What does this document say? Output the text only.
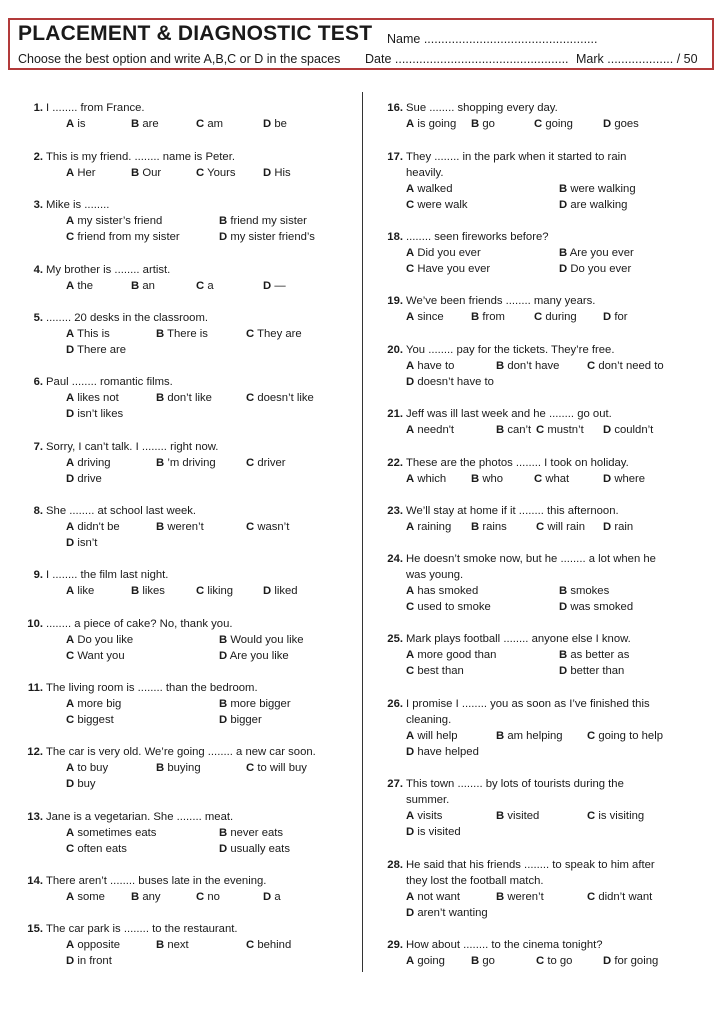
PLACEMENT & DIAGNOSTIC TEST Name ..................................................
Choose the best option and write A,B,C or D in the spaces Date .................................................. Mark ................... / 50
1. I ........ from France.
A is	B are	C am	D be
2. This is my friend. ........ name is Peter.
A Her	B Our	C Yours D His
3. Mike is ........
A my sister’s friend	B friend my sister
C friend from my sister	D my sister friend’s
4. My brother is ........ artist.
A the	B an	C a	D —
5. ........ 20 desks in the classroom.
A This is	B There is	C They are
D There are
6. Paul ........ romantic films.
A likes not	B don’t like	C doesn’t like
D isn’t likes
7. Sorry, I can’t talk. I ........ right now.
A driving	B ’m driving	C driver
D drive
8. She ........ at school last week.
A didn't be	B weren’t	C wasn’t
D isn’t
9. I ........ the film last night.
A like	B likes	C liking	D liked
10. ........ a piece of cake? No, thank you.
A Do you like	B Would you like
C Want you	D Are you like
11. The living room is ........ than the bedroom.
A more big	B more bigger
C biggest	D bigger
12. The car is very old. We’re going ........ a new car soon.
A to buy	B buying	C to will buy
D buy
13. Jane is a vegetarian. She ........ meat.
A sometimes eats	B never eats
C often eats	D usually eats
14. There aren’t ........ buses late in the evening.
A some B any	C no	D a
15. The car park is ........ to the restaurant.
A opposite	B next	C behind
D in front
16. Sue ........ shopping every day.
A is going B go	C going	D goes
17. They ........ in the park when it started to rain
heavily.
A walked	B were walking
C were walk	D are walking
18. ........ seen fireworks before?
A Did you ever	B Are you ever
C Have you ever	D Do you ever
19. We’ve been friends ........ many years.
A since B from	C during D for
20. You ........ pay for the tickets. They’re free.
A have to	B don’t have C don’t need to
D doesn’t have to
21. Jeff was ill last week and he ........ go out.
A needn't	B can’t C mustn’t D couldn’t
22. These are the photos ........ I took on holiday.
A which B who	C what	D where
23. We’ll stay at home if it ........ this afternoon.
A raining B rains	C will rain D rain
24. He doesn’t smoke now, but he ........ a lot when he
was young.
A has smoked	B smokes
C used to smoke	D was smoked
25. Mark plays football ........ anyone else I know.
A more good than	B as better as
C best than	D better than
26. I promise I ........ you as soon as I’ve finished this
cleaning.
A will help	B am helping C going to help
D have helped
27. This town ........ by lots of tourists during the
summer.
A visits	B visited	C is visiting
D is visited
28. He said that his friends ........ to speak to him after
they lost the football match.
A not want	B weren’t	C didn’t want
D aren’t wanting
29. How about ........ to the cinema tonight?
A going B go	C to go	D for going
